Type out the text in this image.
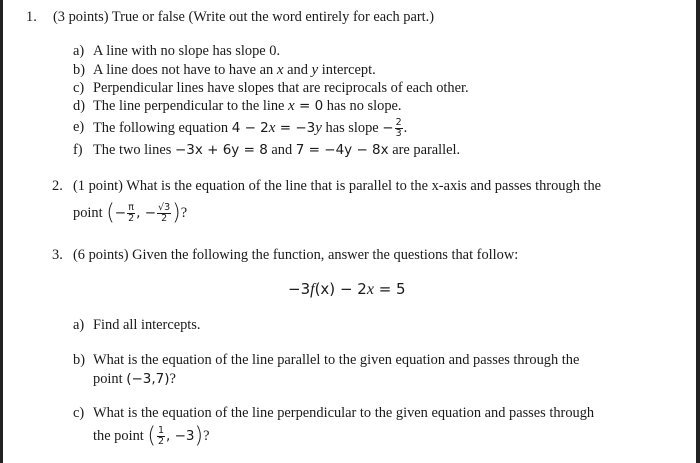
1. (3 points) True or false (Write out the word entirely for each part.)
a) A line with no slope has slope 0.
b) A line does not have to have an x and y intercept.
c) Perpendicular lines have slopes that are reciprocals of each other.
d) The line perpendicular to the line x = 0 has no slope.
e) The following equation 4 − 2x = −3y has slope − $\frac{2}{3}$ .
f) The two lines −3x + 6y = 8 and 7 = −4y − 8x are parallel.
2. (1 point) What is the equation of the line that is parallel to the x-axis and passes through the
point (− $\frac{\pi}{2}$ , − $\frac{√3}{2}$ )?
3. (6 points) Given the following the function, answer the questions that follow:
−3f(x) − 2x = 5
a) Find all intercepts.
b) What is the equation of the line parallel to the given equation and passes through the
point (−3,7)?
c) What is the equation of the line perpendicular to the given equation and passes through
the point ( $\frac{1}{2}$ , −3)?
